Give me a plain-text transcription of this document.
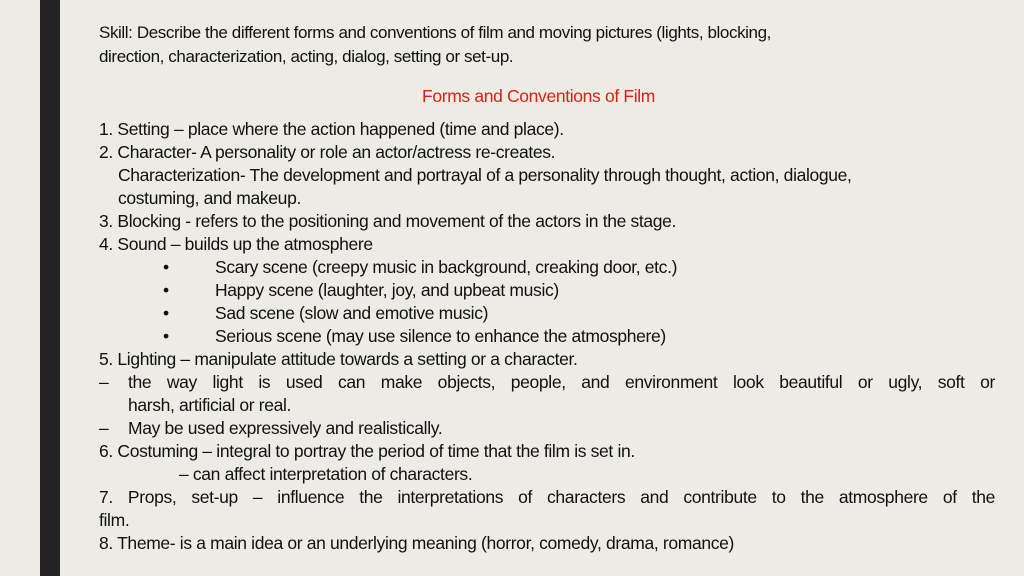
Skill: Describe the different forms and conventions of film and moving pictures (lights, blocking,
direction, characterization, acting, dialog, setting or set-up.
Forms and Conventions of Film
1. Setting – place where the action happened (time and place).
2. Character- A personality or role an actor/actress re-creates.
Characterization- The development and portrayal of a personality through thought, action, dialogue,
costuming, and makeup.
3. Blocking - refers to the positioning and movement of the actors in the stage.
4. Sound – builds up the atmosphere
•	Scary scene (creepy music in background, creaking door, etc.)
•	Happy scene (laughter, joy, and upbeat music)
•	Sad scene (slow and emotive music)
•	Serious scene (may use silence to enhance the atmosphere)
5. Lighting – manipulate attitude towards a setting or a character.
– the way light is used can make objects, people, and environment look beautiful or ugly, soft or
harsh, artificial or real.
– May be used expressively and realistically.
6. Costuming – integral to portray the period of time that the film is set in.
– can affect interpretation of characters.
7. Props, set-up – influence the interpretations of characters and contribute to the atmosphere of the
film.
8. Theme- is a main idea or an underlying meaning (horror, comedy, drama, romance)
